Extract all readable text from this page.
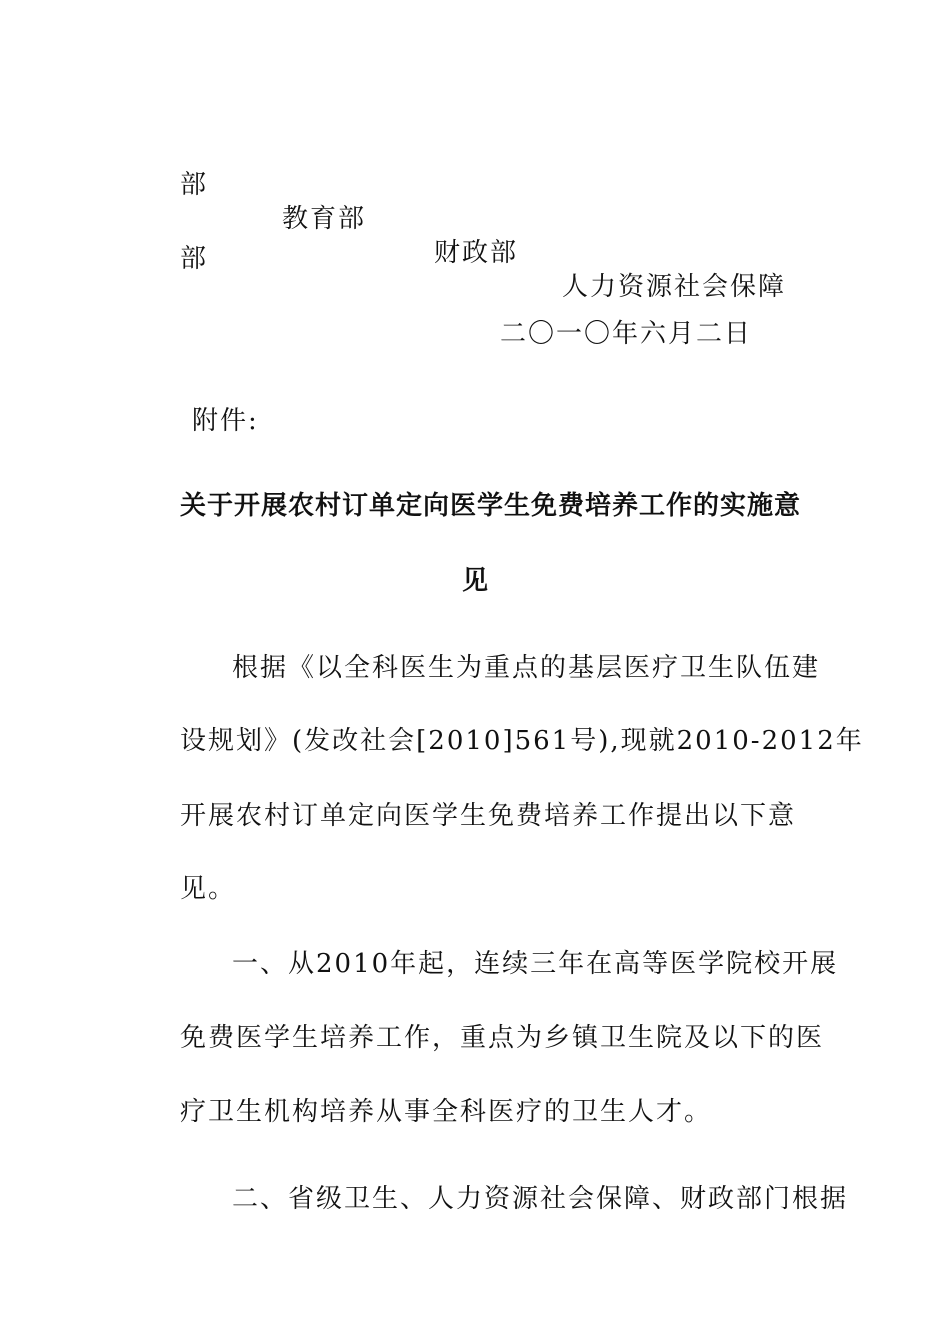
部

教育部

财政部

人力资源社会保障

部

二〇一〇年六月二日

附件:

关于开展农村订单定向医学生免费培养工作的实施意

见

根据《以全科医生为重点的基层医疗卫生队伍建

设规划》(发改社会[2010]561号),现就2010-2012年

开展农村订单定向医学生免费培养工作提出以下意

见。

一、从2010年起，连续三年在高等医学院校开展

免费医学生培养工作，重点为乡镇卫生院及以下的医

疗卫生机构培养从事全科医疗的卫生人才。

二、省级卫生、人力资源社会保障、财政部门根据
